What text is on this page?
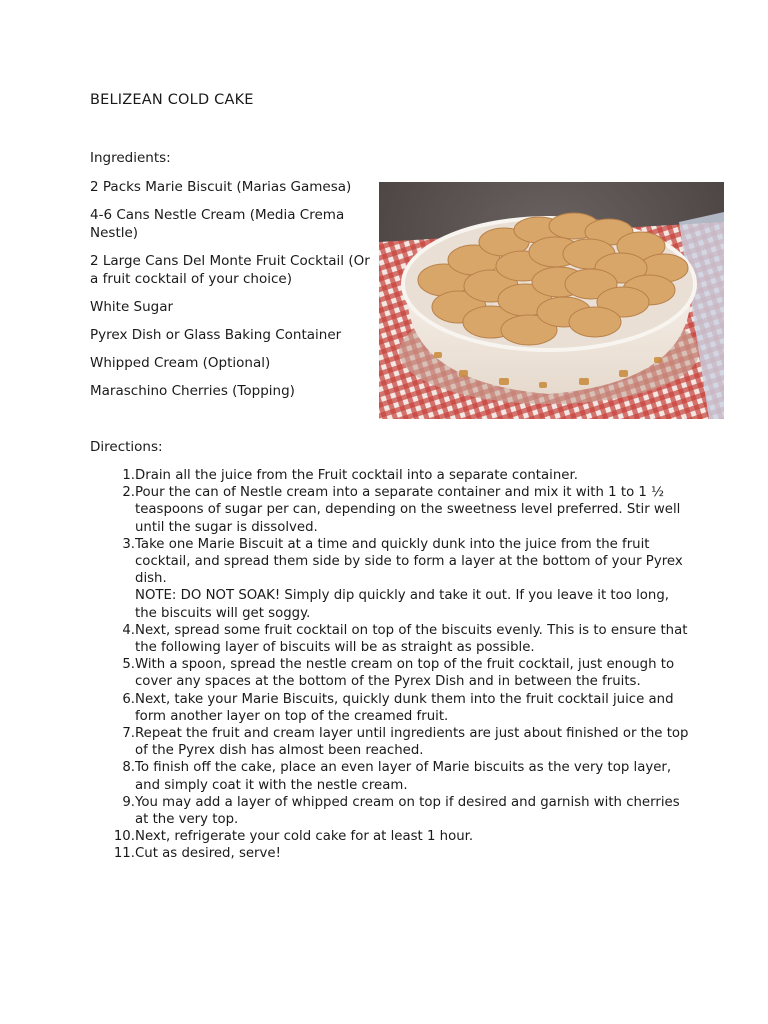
BELIZEAN COLD CAKE
Ingredients:
2 Packs Marie Biscuit (Marias Gamesa)
4-6 Cans Nestle Cream (Media Crema Nestle)
2 Large Cans Del Monte Fruit Cocktail (Or a fruit cocktail of your choice)
White Sugar
Pyrex Dish or Glass Baking Container
Whipped Cream (Optional)
Maraschino Cherries (Topping)
Directions:
1. Drain all the juice from the Fruit cocktail into a separate container.
2. Pour the can of Nestle cream into a separate container and mix it with 1 to 1 ½ teaspoons of sugar per can, depending on the sweetness level preferred. Stir well until the sugar is dissolved.
3. Take one Marie Biscuit at a time and quickly dunk into the juice from the fruit cocktail, and spread them side by side to form a layer at the bottom of your Pyrex dish.
NOTE: DO NOT SOAK! Simply dip quickly and take it out. If you leave it too long, the biscuits will get soggy.
4. Next, spread some fruit cocktail on top of the biscuits evenly. This is to ensure that the following layer of biscuits will be as straight as possible.
5. With a spoon, spread the nestle cream on top of the fruit cocktail, just enough to cover any spaces at the bottom of the Pyrex Dish and in between the fruits.
6. Next, take your Marie Biscuits, quickly dunk them into the fruit cocktail juice and form another layer on top of the creamed fruit.
7. Repeat the fruit and cream layer until ingredients are just about finished or the top of the Pyrex dish has almost been reached.
8. To finish off the cake, place an even layer of Marie biscuits as the very top layer, and simply coat it with the nestle cream.
9. You may add a layer of whipped cream on top if desired and garnish with cherries at the very top.
10. Next, refrigerate your cold cake for at least 1 hour.
11. Cut as desired, serve!
